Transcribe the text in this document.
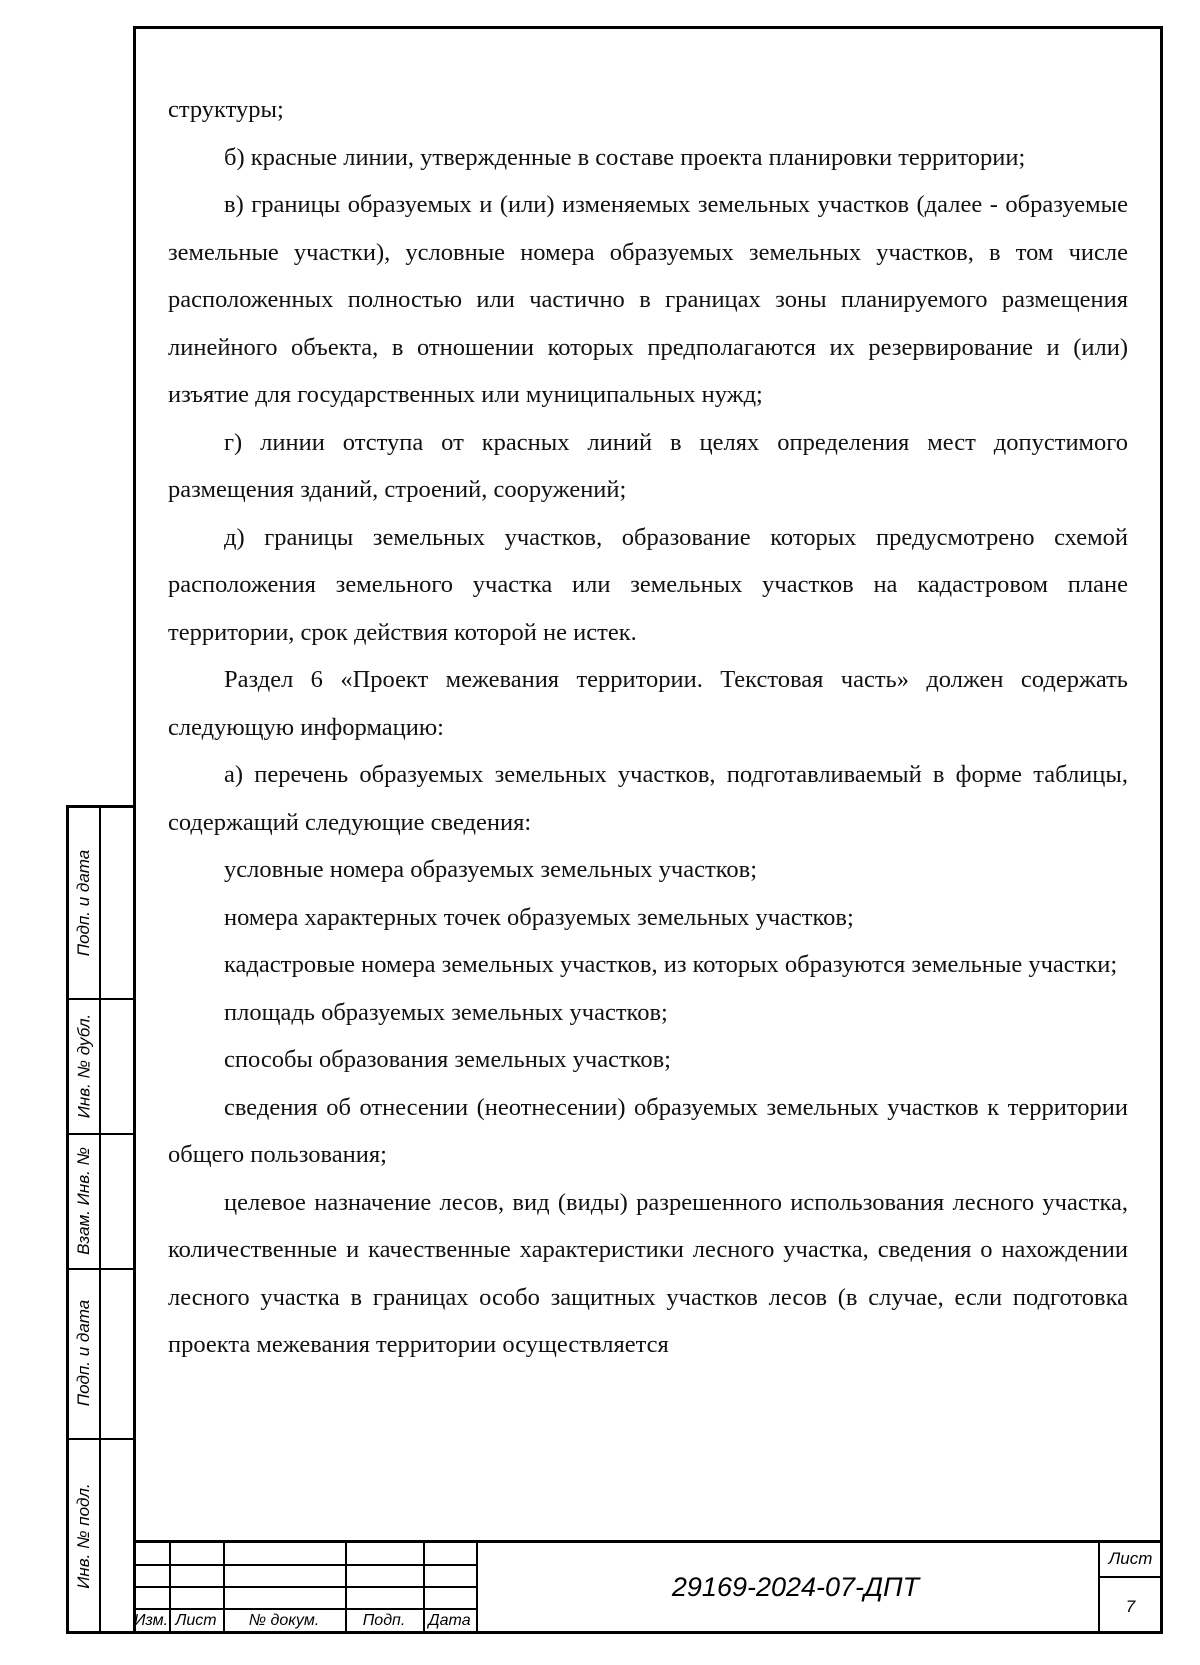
структуры;

б) красные линии, утвержденные в составе проекта планировки территории;

в) границы образуемых и (или) изменяемых земельных участков (далее - образуемые земельные участки), условные номера образуемых земельных участков, в том числе расположенных полностью или частично в границах зоны планируемого размещения линейного объекта, в отношении которых предполагаются их резервирование и (или) изъятие для государственных или муниципальных нужд;

г) линии отступа от красных линий в целях определения мест допустимого размещения зданий, строений, сооружений;

д) границы земельных участков, образование которых предусмотрено схемой расположения земельного участка или земельных участков на кадастровом плане территории, срок действия которой не истек.

Раздел 6 «Проект межевания территории. Текстовая часть» должен содержать следующую информацию:

а) перечень образуемых земельных участков, подготавливаемый в форме таблицы, содержащий следующие сведения:

условные номера образуемых земельных участков;

номера характерных точек образуемых земельных участков;

кадастровые номера земельных участков, из которых образуются земельные участки;

площадь образуемых земельных участков;

способы образования земельных участков;

сведения об отнесении (неотнесении) образуемых земельных участков к территории общего пользования;

целевое назначение лесов, вид (виды) разрешенного использования лесного участка, количественные и качественные характеристики лесного участка, сведения о нахождении лесного участка в границах особо защитных участков лесов (в случае, если подготовка проекта межевания территории осуществляется

Подп. и дата
Инв. № дубл.
Взам. Инв. №
Подп. и дата
Инв. № подл.
Изм. Лист	№ докум.	Подп.	Дата
29169-2024-07-ДПТ
Лист
7
